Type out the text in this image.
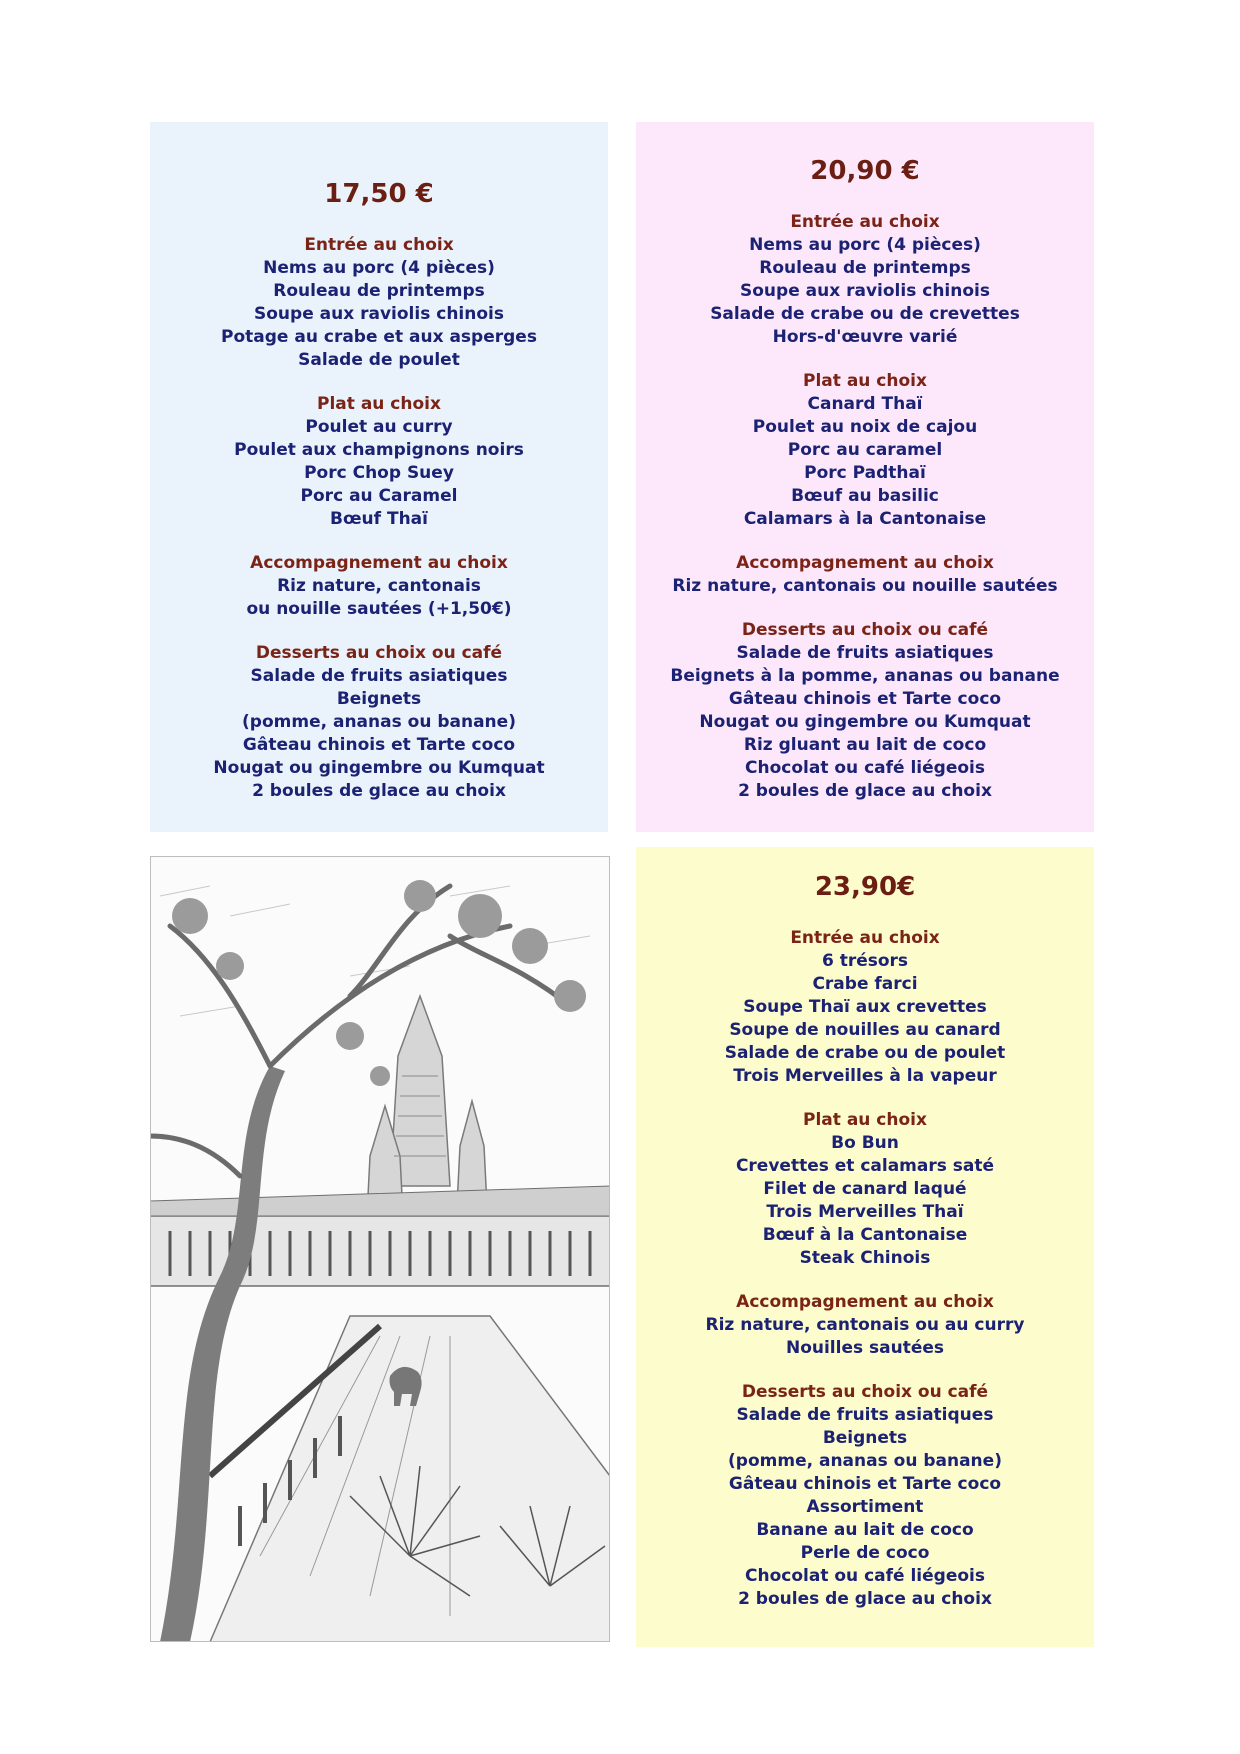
17,50 €
Entrée au choix
Nems au porc (4 pièces)
Rouleau de printemps
Soupe aux raviolis chinois
Potage au crabe et aux asperges
Salade de poulet
Plat au choix
Poulet au curry
Poulet aux champignons noirs
Porc Chop Suey
Porc au Caramel
Bœuf Thaï
Accompagnement au choix
Riz nature, cantonais
ou nouille sautées (+1,50€)
Desserts au choix ou café
Salade de fruits asiatiques
Beignets
(pomme, ananas ou banane)
Gâteau chinois et Tarte coco
Nougat ou gingembre ou Kumquat
2 boules de glace au choix
20,90 €
Entrée au choix
Nems au porc (4 pièces)
Rouleau de printemps
Soupe aux raviolis chinois
Salade de crabe ou de crevettes
Hors-d'œuvre varié
Plat au choix
Canard Thaï
Poulet au noix de cajou
Porc au caramel
Porc Padthaï
Bœuf au basilic
Calamars à la Cantonaise
Accompagnement au choix
Riz nature, cantonais ou nouille sautées
Desserts au choix ou café
Salade de fruits asiatiques
Beignets à la pomme, ananas ou banane
Gâteau chinois et Tarte coco
Nougat ou gingembre ou Kumquat
Riz gluant au lait de coco
Chocolat ou café liégeois
2 boules de glace au choix
23,90€
Entrée au choix
6 trésors
Crabe farci
Soupe Thaï aux crevettes
Soupe de nouilles au canard
Salade de crabe ou de poulet
Trois Merveilles à la vapeur
Plat au choix
Bo Bun
Crevettes et calamars saté
Filet de canard laqué
Trois Merveilles Thaï
Bœuf à la Cantonaise
Steak Chinois
Accompagnement au choix
Riz nature, cantonais ou au curry
Nouilles sautées
Desserts au choix ou café
Salade de fruits asiatiques
Beignets
(pomme, ananas ou banane)
Gâteau chinois et Tarte coco
Assortiment
Banane au lait de coco
Perle de coco
Chocolat ou café liégeois
2 boules de glace au choix
